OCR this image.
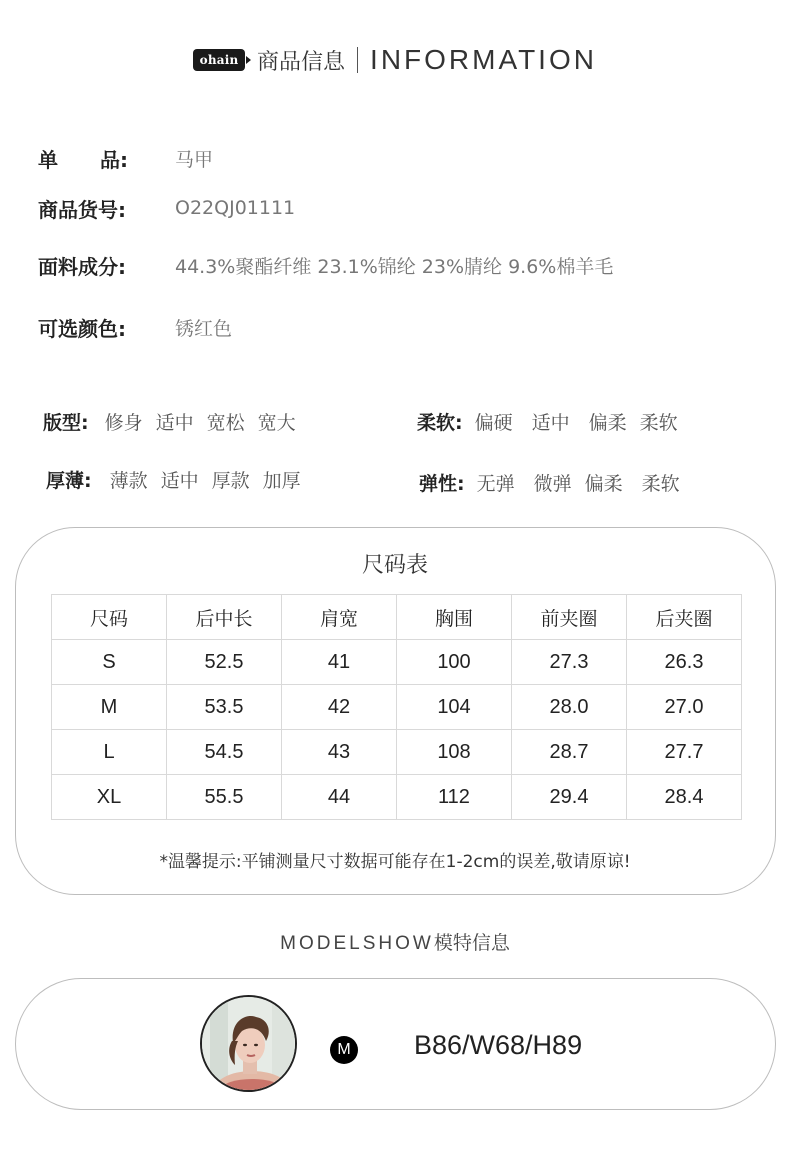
ohain 商品信息 INFORMATION
单 品:	马甲
商品货号:	O22QJ01111
面料成分:	44.3%聚酯纤维 23.1%锦纶 23%腈纶 9.6%棉羊毛
可选颜色:	锈红色
版型: 修身 适中 宽松 宽大	柔软: 偏硬 适中 偏柔 柔软
厚薄: 薄款 适中 厚款 加厚	弹性: 无弹 微弹 偏柔 柔软
尺码表
尺码	后中长	肩宽	胸围	前夹圈	后夹圈
S	52.5	41	100	27.3	26.3
M	53.5	42	104	28.0	27.0
L	54.5	43	108	28.7	27.7
XL	55.5	44	112	29.4	28.4
*温馨提示:平铺测量尺寸数据可能存在1-2cm的误差,敬请原谅!
MODELSHOW模特信息
M B86/W68/H89
